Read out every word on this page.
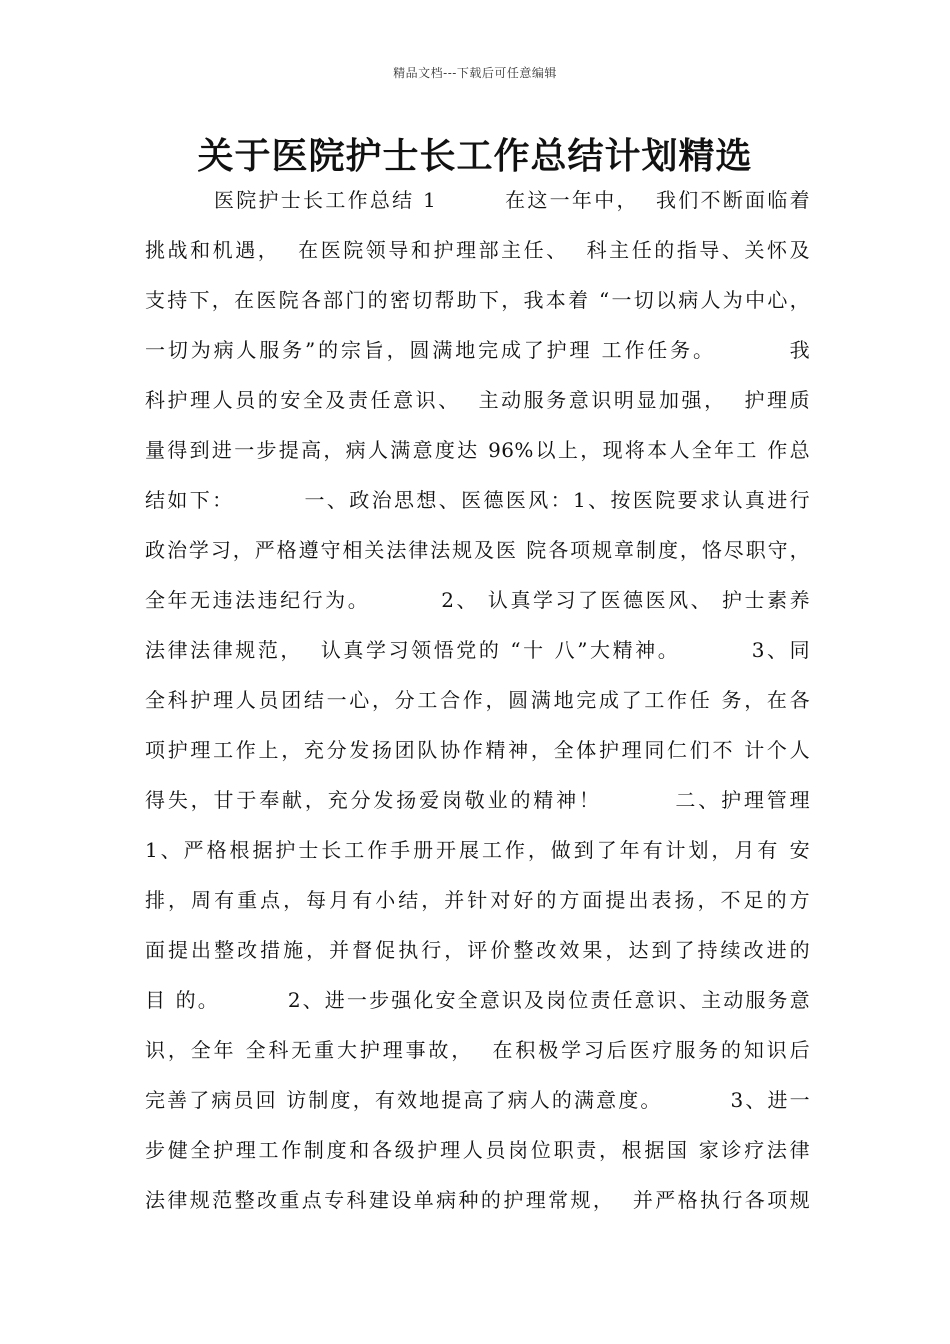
精品文档---下载后可任意编辑
关于医院护士长工作总结计划精选
医院护士长工作总结 1        在这一年中，  我们不断面临着
挑战和机遇，  在医院领导和护理部主任、  科主任的指导、关怀及
支持下，在医院各部门的密切帮助下，我本着 “一切以病人为中心，
一切为病人服务”的宗旨，圆满地完成了护理 工作任务。        我
科护理人员的安全及责任意识、  主动服务意识明显加强，  护理质
量得到进一步提高，病人满意度达 96%以上，现将本人全年工 作总
结如下：        一、政治思想、医德医风：1、按医院要求认真进行
政治学习，严格遵守相关法律法规及医 院各项规章制度，恪尽职守，
全年无违法违纪行为。        2、 认真学习了医德医风、 护士素养
法律法律规范，  认真学习领悟党的 “十 八”大精神。        3、同
全科护理人员团结一心，分工合作，圆满地完成了工作任 务，在各
项护理工作上，充分发扬团队协作精神，全体护理同仁们不 计个人
得失，甘于奉献，充分发扬爱岗敬业的精神！        二、护理管理
1、严格根据护士长工作手册开展工作，做到了年有计划，月有 安
排，周有重点，每月有小结，并针对好的方面提出表扬，不足的方
面提出整改措施，并督促执行，评价整改效果，达到了持续改进的
目 的。        2、进一步强化安全意识及岗位责任意识、主动服务意
识，全年 全科无重大护理事故，  在积极学习后医疗服务的知识后
完善了病员回 访制度，有效地提高了病人的满意度。        3、进一
步健全护理工作制度和各级护理人员岗位职责，根据国 家诊疗法律
法律规范整改重点专科建设单病种的护理常规，  并严格执行各项规
